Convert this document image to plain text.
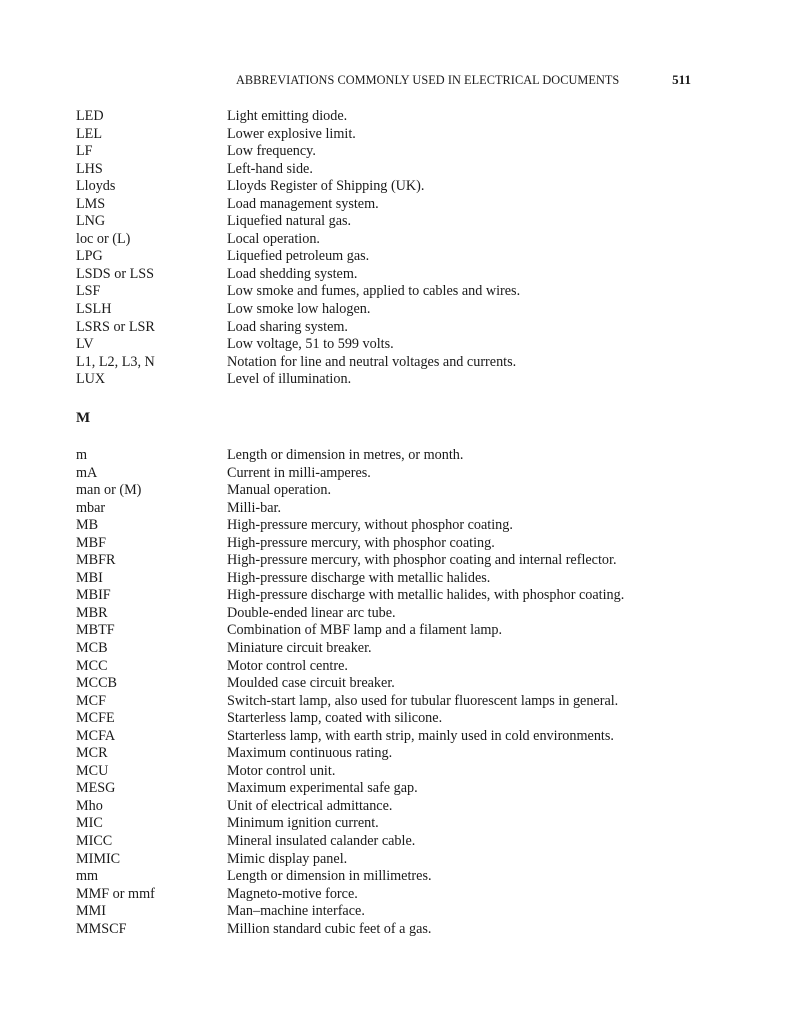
ABBREVIATIONS COMMONLY USED IN ELECTRICAL DOCUMENTS	511
LED	Light emitting diode.
LEL	Lower explosive limit.
LF	Low frequency.
LHS	Left-hand side.
Lloyds	Lloyds Register of Shipping (UK).
LMS	Load management system.
LNG	Liquefied natural gas.
loc or (L)	Local operation.
LPG	Liquefied petroleum gas.
LSDS or LSS	Load shedding system.
LSF	Low smoke and fumes, applied to cables and wires.
LSLH	Low smoke low halogen.
LSRS or LSR	Load sharing system.
LV	Low voltage, 51 to 599 volts.
L1, L2, L3, N	Notation for line and neutral voltages and currents.
LUX	Level of illumination.
M
m	Length or dimension in metres, or month.
mA	Current in milli-amperes.
man or (M)	Manual operation.
mbar	Milli-bar.
MB	High-pressure mercury, without phosphor coating.
MBF	High-pressure mercury, with phosphor coating.
MBFR	High-pressure mercury, with phosphor coating and internal reflector.
MBI	High-pressure discharge with metallic halides.
MBIF	High-pressure discharge with metallic halides, with phosphor coating.
MBR	Double-ended linear arc tube.
MBTF	Combination of MBF lamp and a filament lamp.
MCB	Miniature circuit breaker.
MCC	Motor control centre.
MCCB	Moulded case circuit breaker.
MCF	Switch-start lamp, also used for tubular fluorescent lamps in general.
MCFE	Starterless lamp, coated with silicone.
MCFA	Starterless lamp, with earth strip, mainly used in cold environments.
MCR	Maximum continuous rating.
MCU	Motor control unit.
MESG	Maximum experimental safe gap.
Mho	Unit of electrical admittance.
MIC	Minimum ignition current.
MICC	Mineral insulated calander cable.
MIMIC	Mimic display panel.
mm	Length or dimension in millimetres.
MMF or mmf	Magneto-motive force.
MMI	Man–machine interface.
MMSCF	Million standard cubic feet of a gas.
